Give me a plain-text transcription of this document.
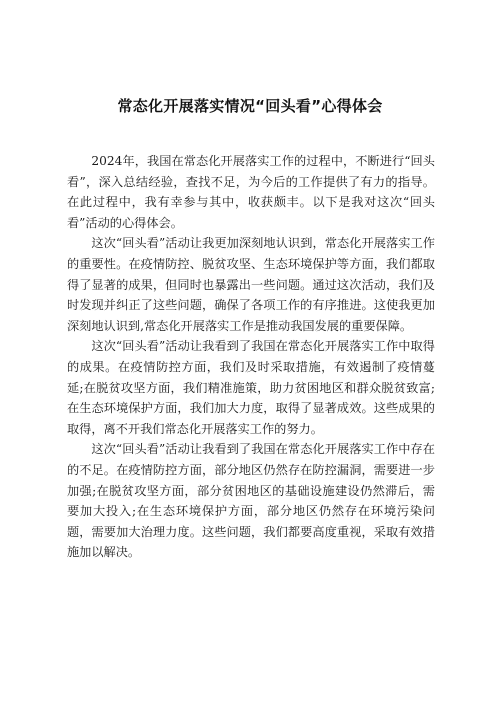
常态化开展落实情况“回头看”心得体会

2024年，我国在常态化开展落实工作的过程中，不断进行“回头看”，深入总结经验，查找不足，为今后的工作提供了有力的指导。在此过程中，我有幸参与其中，收获颇丰。以下是我对这次“回头看”活动的心得体会。

这次“回头看”活动让我更加深刻地认识到，常态化开展落实工作的重要性。在疫情防控、脱贫攻坚、生态环境保护等方面，我们都取得了显著的成果，但同时也暴露出一些问题。通过这次活动，我们及时发现并纠正了这些问题，确保了各项工作的有序推进。这使我更加深刻地认识到,常态化开展落实工作是推动我国发展的重要保障。

这次“回头看”活动让我看到了我国在常态化开展落实工作中取得的成果。在疫情防控方面，我们及时采取措施，有效遏制了疫情蔓延;在脱贫攻坚方面，我们精准施策，助力贫困地区和群众脱贫致富;在生态环境保护方面，我们加大力度，取得了显著成效。这些成果的取得，离不开我们常态化开展落实工作的努力。

这次“回头看”活动让我看到了我国在常态化开展落实工作中存在的不足。在疫情防控方面，部分地区仍然存在防控漏洞，需要进一步加强;在脱贫攻坚方面，部分贫困地区的基础设施建设仍然滞后，需要加大投入;在生态环境保护方面，部分地区仍然存在环境污染问题，需要加大治理力度。这些问题，我们都要高度重视，采取有效措施加以解决。
